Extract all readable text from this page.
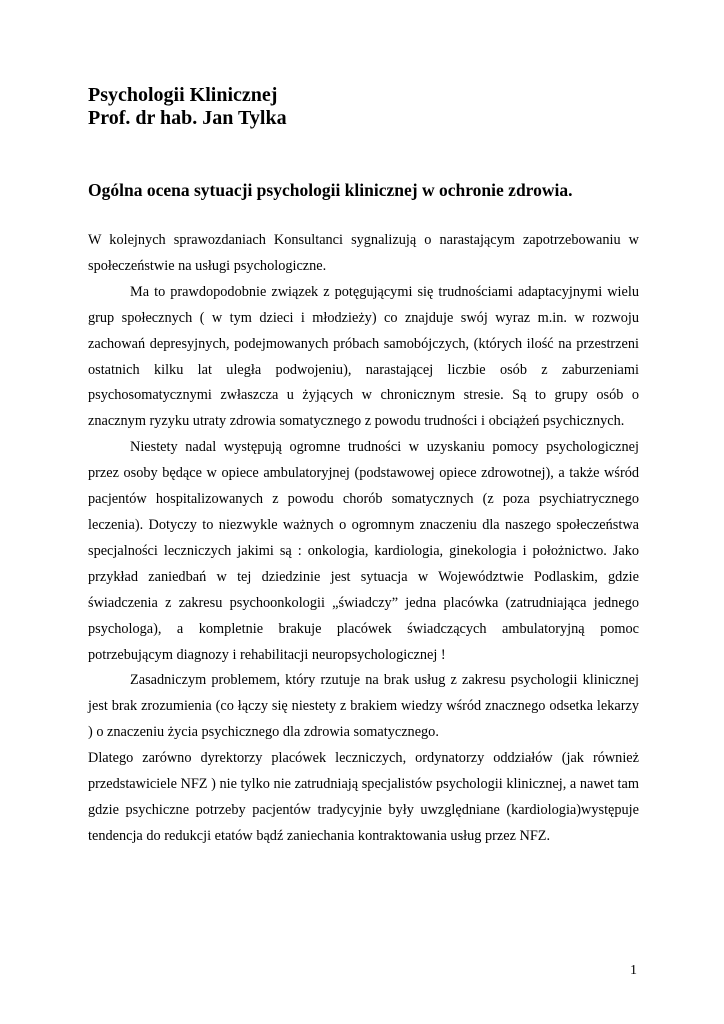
Psychologii Klinicznej
Prof. dr hab. Jan Tylka
Ogólna ocena sytuacji psychologii klinicznej w ochronie zdrowia.

W kolejnych sprawozdaniach Konsultanci sygnalizują o narastającym zapotrzebowaniu w społeczeństwie na usługi psychologiczne.

Ma to prawdopodobnie związek z potęgującymi się trudnościami adaptacyjnymi wielu grup społecznych ( w tym dzieci i młodzieży) co znajduje swój wyraz m.in. w rozwoju zachowań depresyjnych, podejmowanych próbach samobójczych, (których ilość na przestrzeni ostatnich kilku lat uległa podwojeniu), narastającej liczbie osób z zaburzeniami psychosomatycznymi zwłaszcza u żyjących w chronicznym stresie. Są to grupy osób o znacznym ryzyku utraty zdrowia somatycznego z powodu trudności i obciążeń psychicznych.

Niestety nadal występują ogromne trudności w uzyskaniu pomocy psychologicznej przez osoby będące w opiece ambulatoryjnej (podstawowej opiece zdrowotnej), a także wśród pacjentów hospitalizowanych z powodu chorób somatycznych (z poza psychiatrycznego leczenia). Dotyczy to niezwykle ważnych o ogromnym znaczeniu dla naszego społeczeństwa specjalności leczniczych jakimi są : onkologia, kardiologia, ginekologia i położnictwo. Jako przykład zaniedbań w tej dziedzinie jest sytuacja w Województwie Podlaskim, gdzie świadczenia z zakresu psychoonkologii „świadczy” jedna placówka (zatrudniająca jednego psychologa), a kompletnie brakuje placówek świadczących ambulatoryjną pomoc potrzebującym diagnozy i rehabilitacji neuropsychologicznej !

Zasadniczym problemem, który rzutuje na brak usług z zakresu psychologii klinicznej jest brak zrozumienia (co łączy się niestety z brakiem wiedzy wśród znacznego odsetka lekarzy ) o znaczeniu życia psychicznego dla zdrowia somatycznego.

Dlatego zarówno dyrektorzy placówek leczniczych, ordynatorzy oddziałów (jak również przedstawiciele NFZ ) nie tylko nie zatrudniają specjalistów psychologii klinicznej, a nawet tam gdzie psychiczne potrzeby pacjentów tradycyjnie były uwzględniane (kardiologia)występuje tendencja do redukcji etatów bądź zaniechania kontraktowania usług przez NFZ.

1
